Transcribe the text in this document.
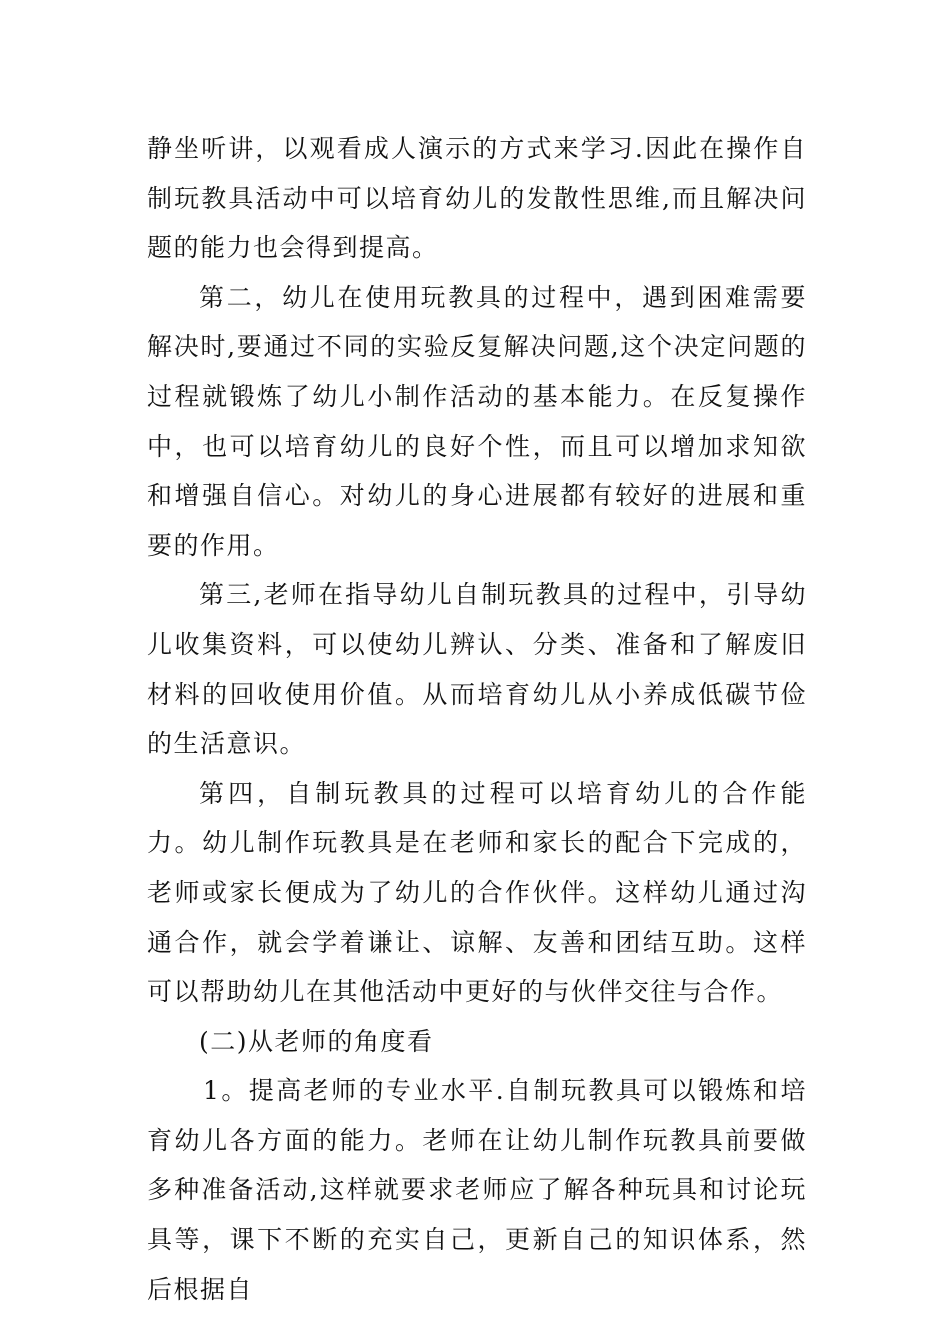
静坐听讲，以观看成人演示的方式来学习.因此在操作自制玩教具活动中可以培育幼儿的发散性思维,而且解决问题的能力也会得到提高。

第二，幼儿在使用玩教具的过程中，遇到困难需要解决时,要通过不同的实验反复解决问题,这个决定问题的过程就锻炼了幼儿小制作活动的基本能力。在反复操作中，也可以培育幼儿的良好个性，而且可以增加求知欲和增强自信心。对幼儿的身心进展都有较好的进展和重要的作用。

第三,老师在指导幼儿自制玩教具的过程中，引导幼儿收集资料，可以使幼儿辨认、分类、准备和了解废旧材料的回收使用价值。从而培育幼儿从小养成低碳节俭的生活意识。

第四，自制玩教具的过程可以培育幼儿的合作能力。幼儿制作玩教具是在老师和家长的配合下完成的，老师或家长便成为了幼儿的合作伙伴。这样幼儿通过沟通合作，就会学着谦让、谅解、友善和团结互助。这样可以帮助幼儿在其他活动中更好的与伙伴交往与合作。

(二)从老师的角度看

1。提高老师的专业水平.自制玩教具可以锻炼和培育幼儿各方面的能力。老师在让幼儿制作玩教具前要做多种准备活动,这样就要求老师应了解各种玩具和讨论玩具等，课下不断的充实自己，更新自己的知识体系，然后根据自
